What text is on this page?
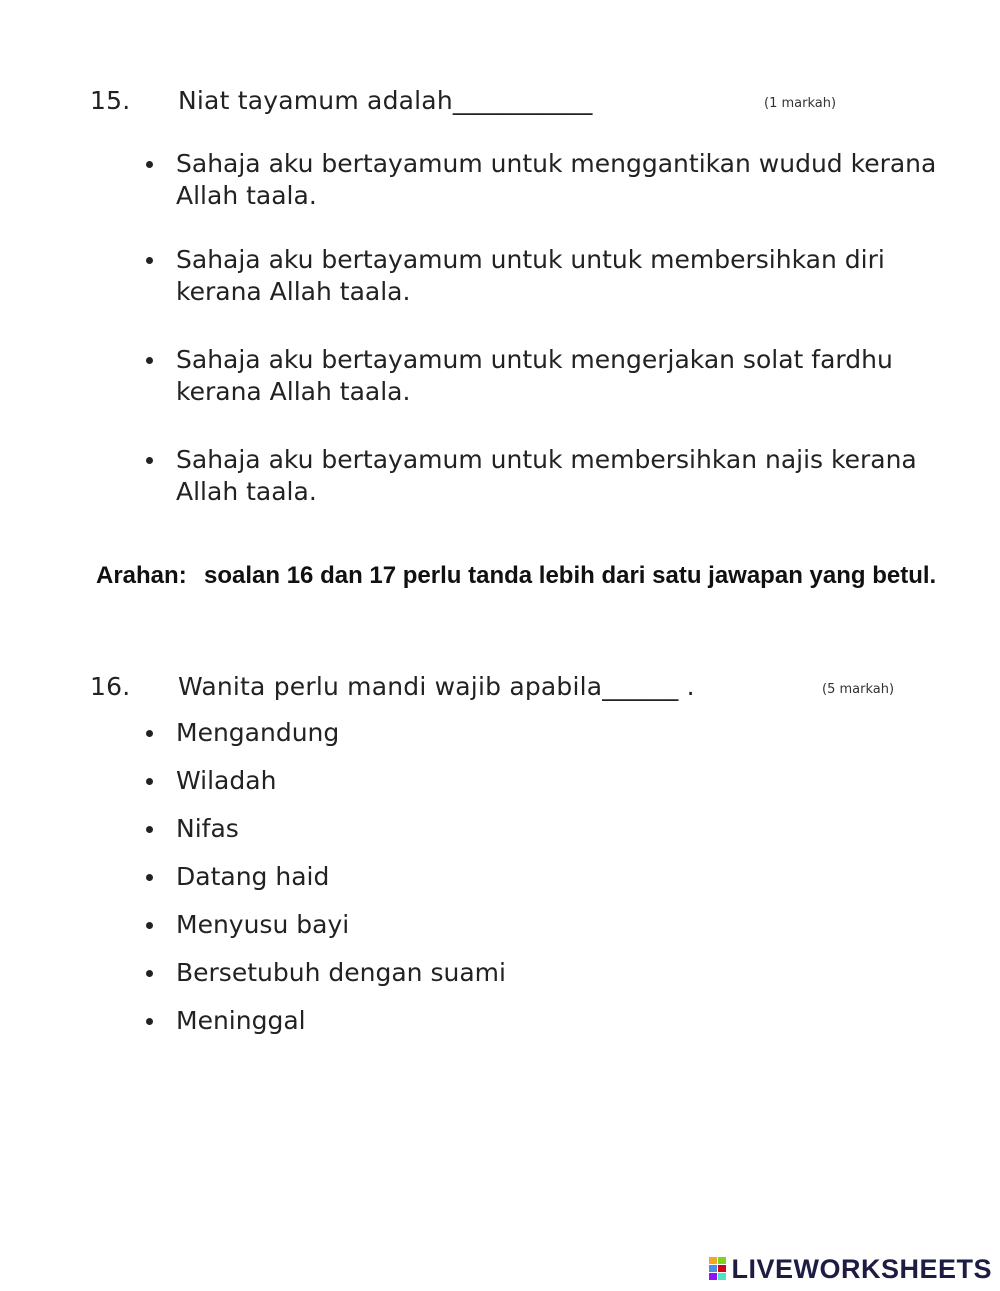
15. Niat tayamum adalah___________	(1 markah)
Sahaja aku bertayamum untuk menggantikan wudud kerana Allah taala.
Sahaja aku bertayamum untuk untuk membersihkan diri kerana Allah taala.
Sahaja aku bertayamum untuk mengerjakan solat fardhu kerana Allah taala.
Sahaja aku bertayamum untuk membersihkan najis kerana Allah taala.
Arahan: soalan 16 dan 17 perlu tanda lebih dari satu jawapan yang betul.
16. Wanita perlu mandi wajib apabila______ .	(5 markah)
Mengandung
Wiladah
Nifas
Datang haid
Menyusu bayi
Bersetubuh dengan suami
Meninggal
LIVEWORKSHEETS
